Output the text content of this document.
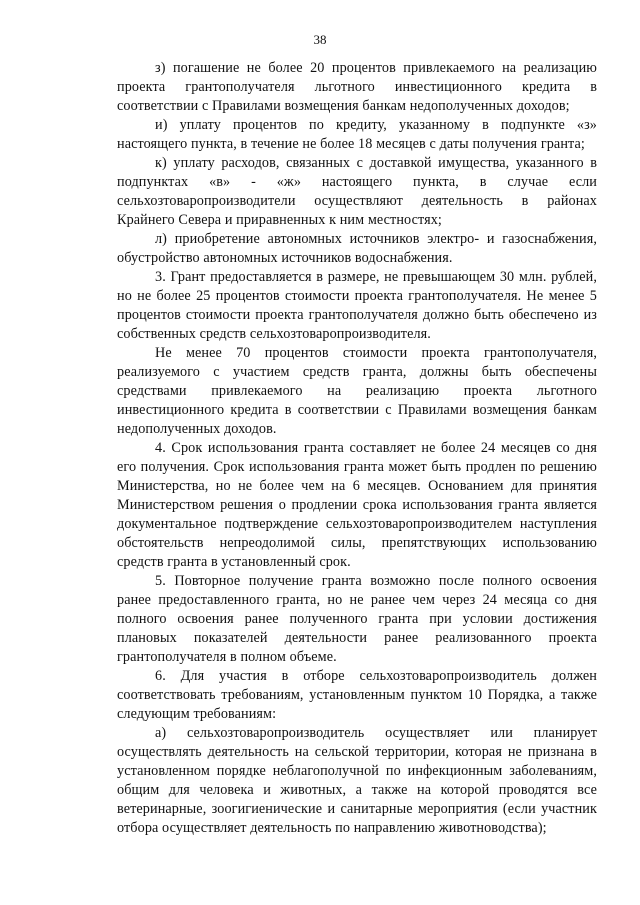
38

з) погашение не более 20 процентов привлекаемого на реализацию проекта грантополучателя льготного инвестиционного кредита в соответствии с Правилами возмещения банкам недополученных доходов;

и) уплату процентов по кредиту, указанному в подпункте «з» настоящего пункта, в течение не более 18 месяцев с даты получения гранта;

к) уплату расходов, связанных с доставкой имущества, указанного в подпунктах «в» - «ж» настоящего пункта, в случае если сельхозтоваропроизводители осуществляют деятельность в районах Крайнего Севера и приравненных к ним местностях;

л) приобретение автономных источников электро- и газоснабжения, обустройство автономных источников водоснабжения.

3. Грант предоставляется в размере, не превышающем 30 млн. рублей, но не более 25 процентов стоимости проекта грантополучателя. Не менее 5 процентов стоимости проекта грантополучателя должно быть обеспечено из собственных средств сельхозтоваропроизводителя.

Не менее 70 процентов стоимости проекта грантополучателя, реализуемого с участием средств гранта, должны быть обеспечены средствами привлекаемого на реализацию проекта льготного инвестиционного кредита в соответствии с Правилами возмещения банкам недополученных доходов.

4. Срок использования гранта составляет не более 24 месяцев со дня его получения. Срок использования гранта может быть продлен по решению Министерства, но не более чем на 6 месяцев. Основанием для принятия Министерством решения о продлении срока использования гранта является документальное подтверждение сельхозтоваропроизводителем наступления обстоятельств непреодолимой силы, препятствующих использованию средств гранта в установленный срок.

5. Повторное получение гранта возможно после полного освоения ранее предоставленного гранта, но не ранее чем через 24 месяца со дня полного освоения ранее полученного гранта при условии достижения плановых показателей деятельности ранее реализованного проекта грантополучателя в полном объеме.

6. Для участия в отборе сельхозтоваропроизводитель должен соответствовать требованиям, установленным пунктом 10 Порядка, а также следующим требованиям:

а) сельхозтоваропроизводитель осуществляет или планирует осуществлять деятельность на сельской территории, которая не признана в установленном порядке неблагополучной по инфекционным заболеваниям, общим для человека и животных, а также на которой проводятся все ветеринарные, зоогигиенические и санитарные мероприятия (если участник отбора осуществляет деятельность по направлению животноводства);
